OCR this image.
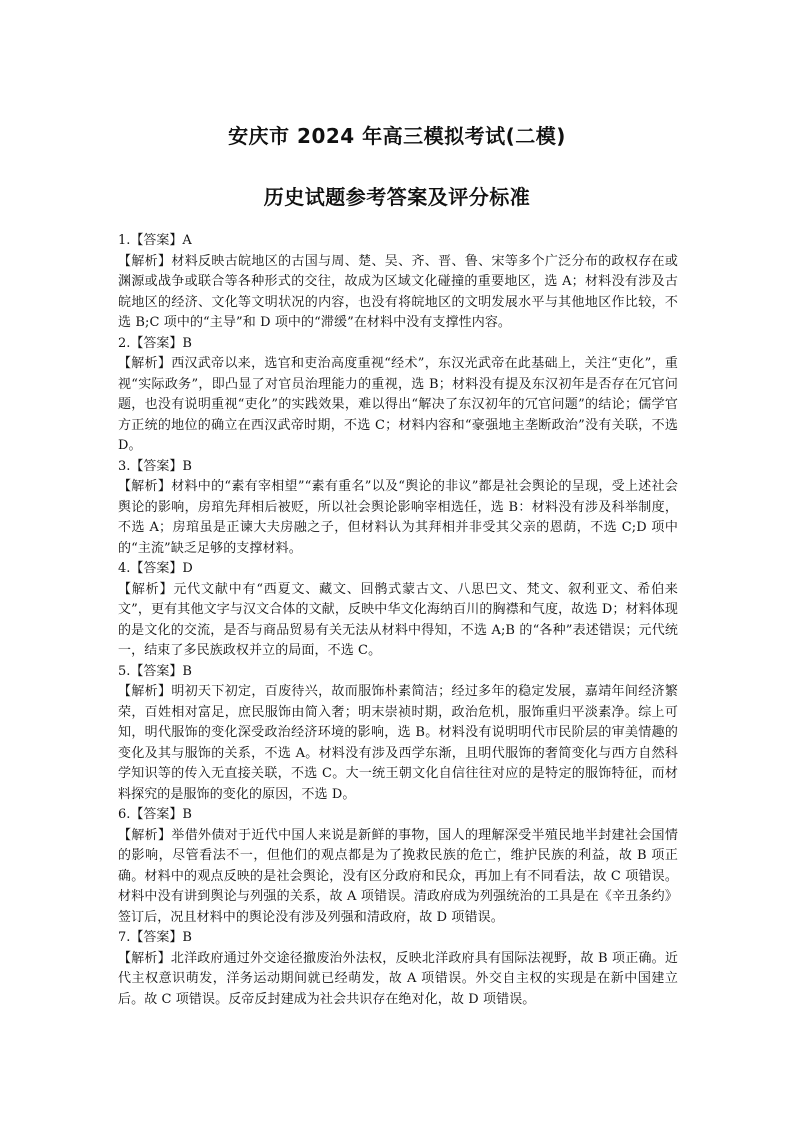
安庆市 2024 年高三模拟考试(二模)
历史试题参考答案及评分标准

1.【答案】A

【解析】材料反映古皖地区的古国与周、楚、吴、齐、晋、鲁、宋等多个广泛分布的政权存在或渊源或战争或联合等各种形式的交往，故成为区域文化碰撞的重要地区，选 A；材料没有涉及古皖地区的经济、文化等文明状况的内容，也没有将皖地区的文明发展水平与其他地区作比较，不选 B;C 项中的“主导”和 D 项中的“滞缓”在材料中没有支撑性内容。

2.【答案】B

【解析】西汉武帝以来，选官和吏治高度重视“经术”，东汉光武帝在此基础上，关注“吏化”，重视“实际政务”，即凸显了对官员治理能力的重视，选 B；材料没有提及东汉初年是否存在冗官问题，也没有说明重视“吏化”的实践效果，难以得出“解决了东汉初年的冗官问题”的结论；儒学官方正统的地位的确立在西汉武帝时期，不选 C；材料内容和“豪强地主垄断政治”没有关联，不选 D。

3.【答案】B

【解析】材料中的“素有宰相望”“素有重名”以及“舆论的非议”都是社会舆论的呈现，受上述社会舆论的影响，房琯先拜相后被贬，所以社会舆论影响宰相选任，选 B：材料没有涉及科举制度，不选 A；房琯虽是正谏大夫房融之子，但材料认为其拜相并非受其父亲的恩荫，不选 C;D 项中的“主流”缺乏足够的支撑材料。

4.【答案】D

【解析】元代文献中有“西夏文、藏文、回鹘式蒙古文、八思巴文、梵文、叙利亚文、希伯来文”，更有其他文字与汉文合体的文献，反映中华文化海纳百川的胸襟和气度，故选 D；材料体现的是文化的交流，是否与商品贸易有关无法从材料中得知，不选 A;B 的“各种”表述错误；元代统一，结束了多民族政权并立的局面，不选 C。

5.【答案】B

【解析】明初天下初定，百废待兴，故而服饰朴素简洁；经过多年的稳定发展，嘉靖年间经济繁荣，百姓相对富足，庶民服饰由简入奢；明末崇祯时期，政治危机，服饰重归平淡素净。综上可知，明代服饰的变化深受政治经济环境的影响，选 B。材料没有说明明代市民阶层的审美情趣的变化及其与服饰的关系，不选 A。材料没有涉及西学东渐，且明代服饰的奢简变化与西方自然科学知识等的传入无直接关联，不选 C。大一统王朝文化自信往往对应的是特定的服饰特征，而材料探究的是服饰的变化的原因，不选 D。

6.【答案】B

【解析】举借外债对于近代中国人来说是新鲜的事物，国人的理解深受半殖民地半封建社会国情的影响，尽管看法不一，但他们的观点都是为了挽救民族的危亡，维护民族的利益，故 B 项正确。材料中的观点反映的是社会舆论，没有区分政府和民众，再加上有不同看法，故 C 项错误。材料中没有讲到舆论与列强的关系，故 A 项错误。清政府成为列强统治的工具是在《辛丑条约》签订后，况且材料中的舆论没有涉及列强和清政府，故 D 项错误。

7.【答案】B

【解析】北洋政府通过外交途径撤废治外法权，反映北洋政府具有国际法视野，故 B 项正确。近代主权意识萌发，洋务运动期间就已经萌发，故 A 项错误。外交自主权的实现是在新中国建立后。故 C 项错误。反帝反封建成为社会共识存在绝对化，故 D 项错误。
